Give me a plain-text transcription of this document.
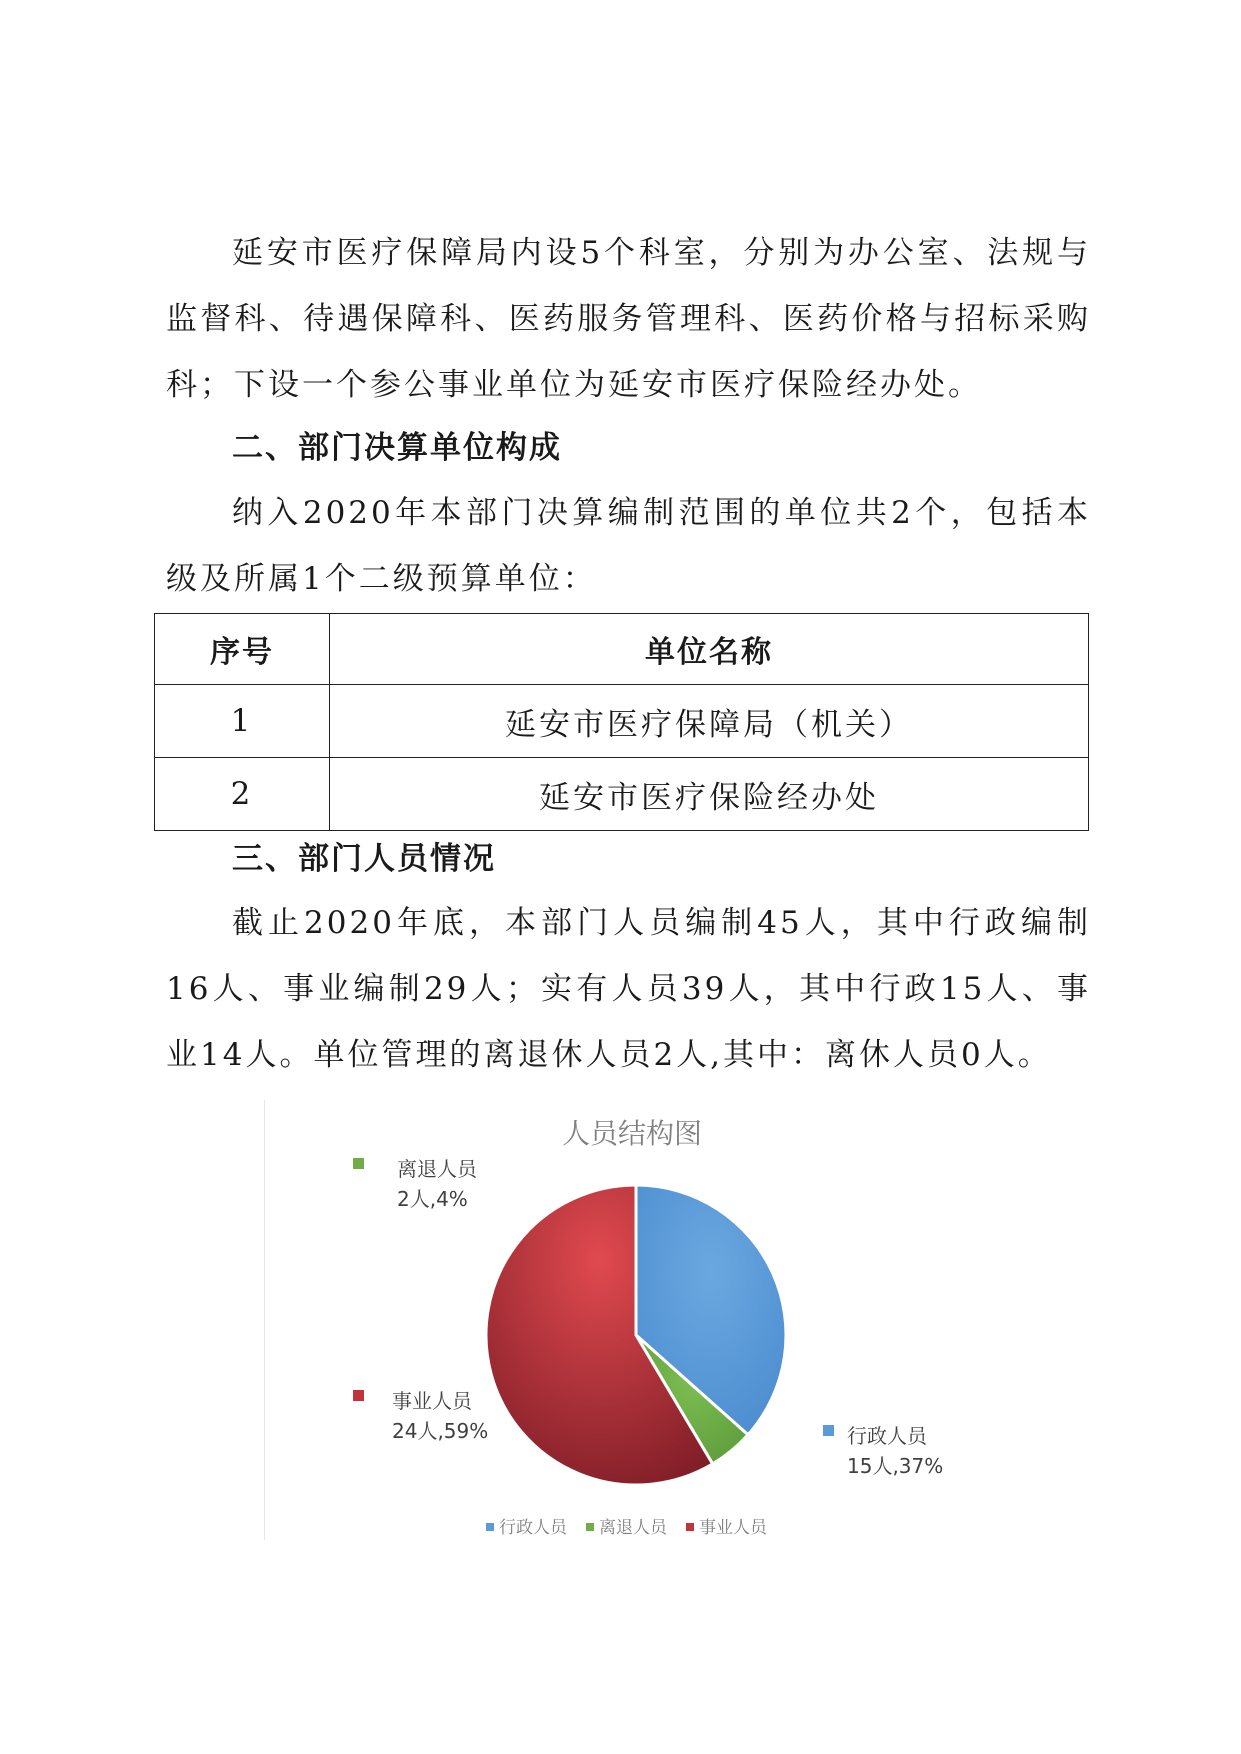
延安市医疗保障局内设5个科室，分别为办公室、法规与监督科、待遇保障科、医药服务管理科、医药价格与招标采购科；下设一个参公事业单位为延安市医疗保险经办处。

二、部门决算单位构成

纳入2020年本部门决算编制范围的单位共2个，包括本级及所属1个二级预算单位：

序号	单位名称
1	延安市医疗保障局（机关）
2	延安市医疗保险经办处
三、部门人员情况

截止2020年底，本部门人员编制45人，其中行政编制16人、事业编制29人；实有人员39人，其中行政15人、事业14人。单位管理的离退休人员2人,其中：离休人员0人。

人员结构图
行政人员
15人,37%
离退人员
2人,4%
事业人员
24人,59%
行政人员 离退人员 事业人员
